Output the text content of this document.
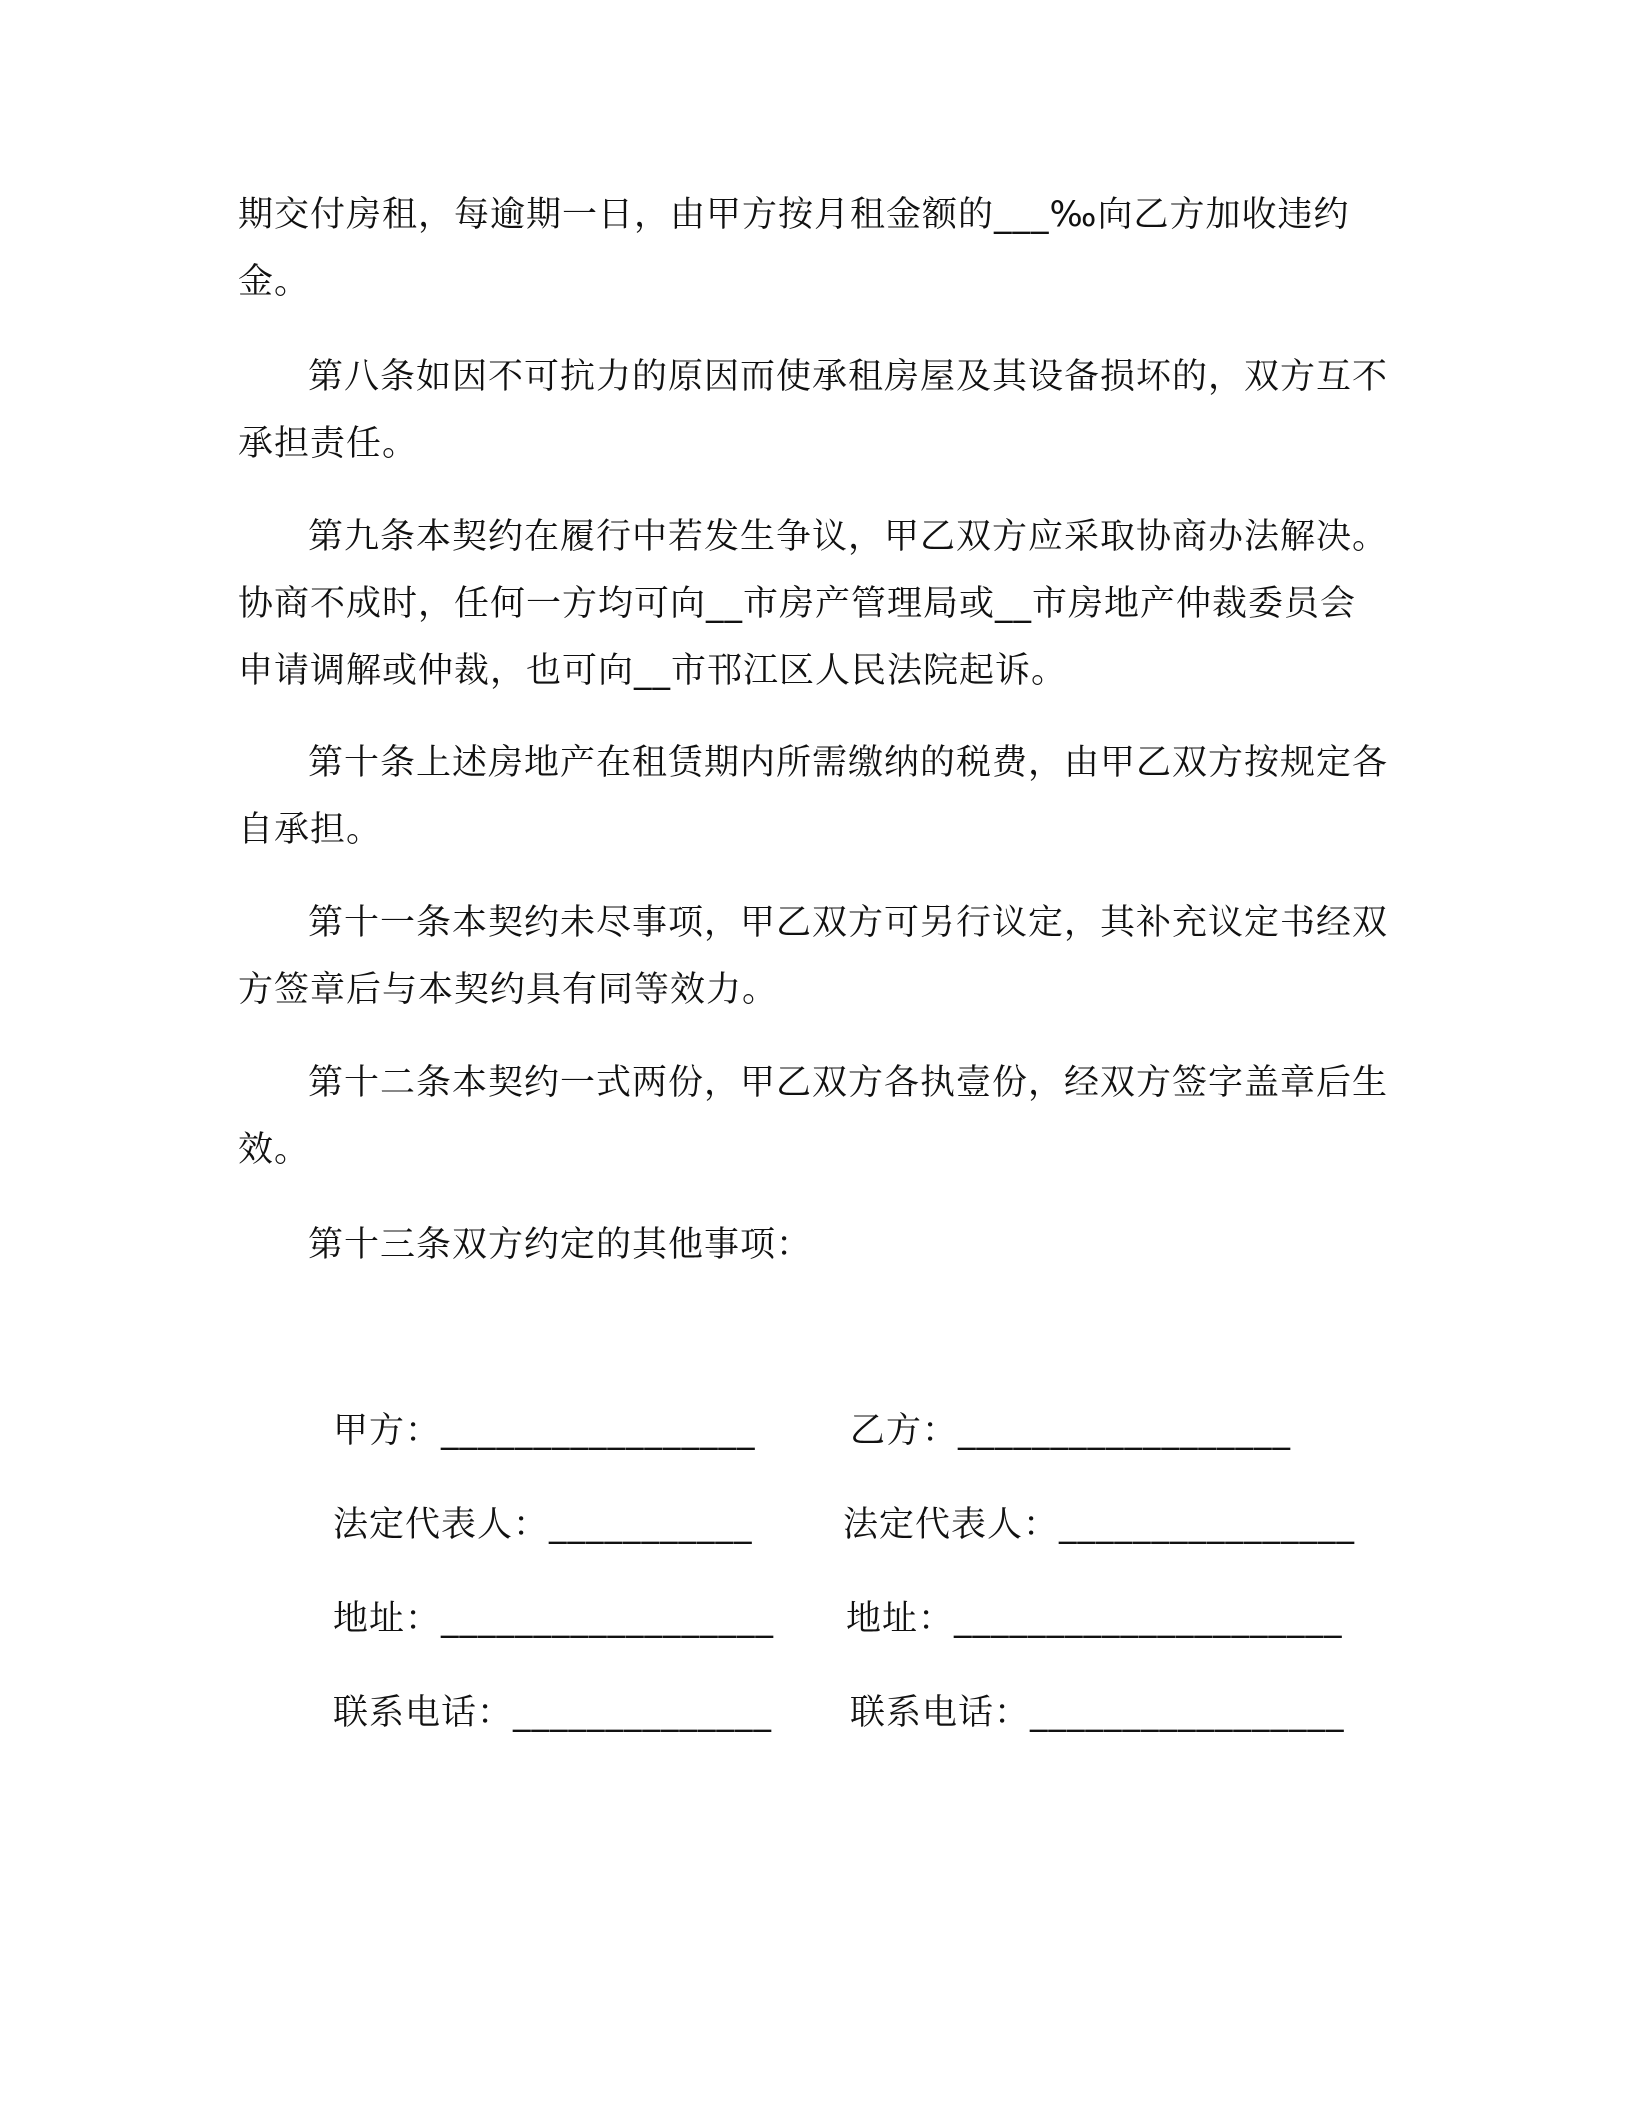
期交付房租，每逾期一日，由甲方按月租金额的___‰向乙方加收违约金。

第八条如因不可抗力的原因而使承租房屋及其设备损坏的，双方互不承担责任。

第九条本契约在履行中若发生争议，甲乙双方应采取协商办法解决。协商不成时，任何一方均可向__市房产管理局或__市房地产仲裁委员会申请调解或仲裁，也可向__市邗江区人民法院起诉。

第十条上述房地产在租赁期内所需缴纳的税费，由甲乙双方按规定各自承担。

第十一条本契约未尽事项，甲乙双方可另行议定，其补充议定书经双方签章后与本契约具有同等效力。

第十二条本契约一式两份，甲乙双方各执壹份，经双方签字盖章后生效。

第十三条双方约定的其他事项：

甲方：_________________	乙方：__________________
法定代表人：___________	法定代表人：________________
地址：__________________ 地址：_____________________
联系电话：______________ 联系电话：_________________
